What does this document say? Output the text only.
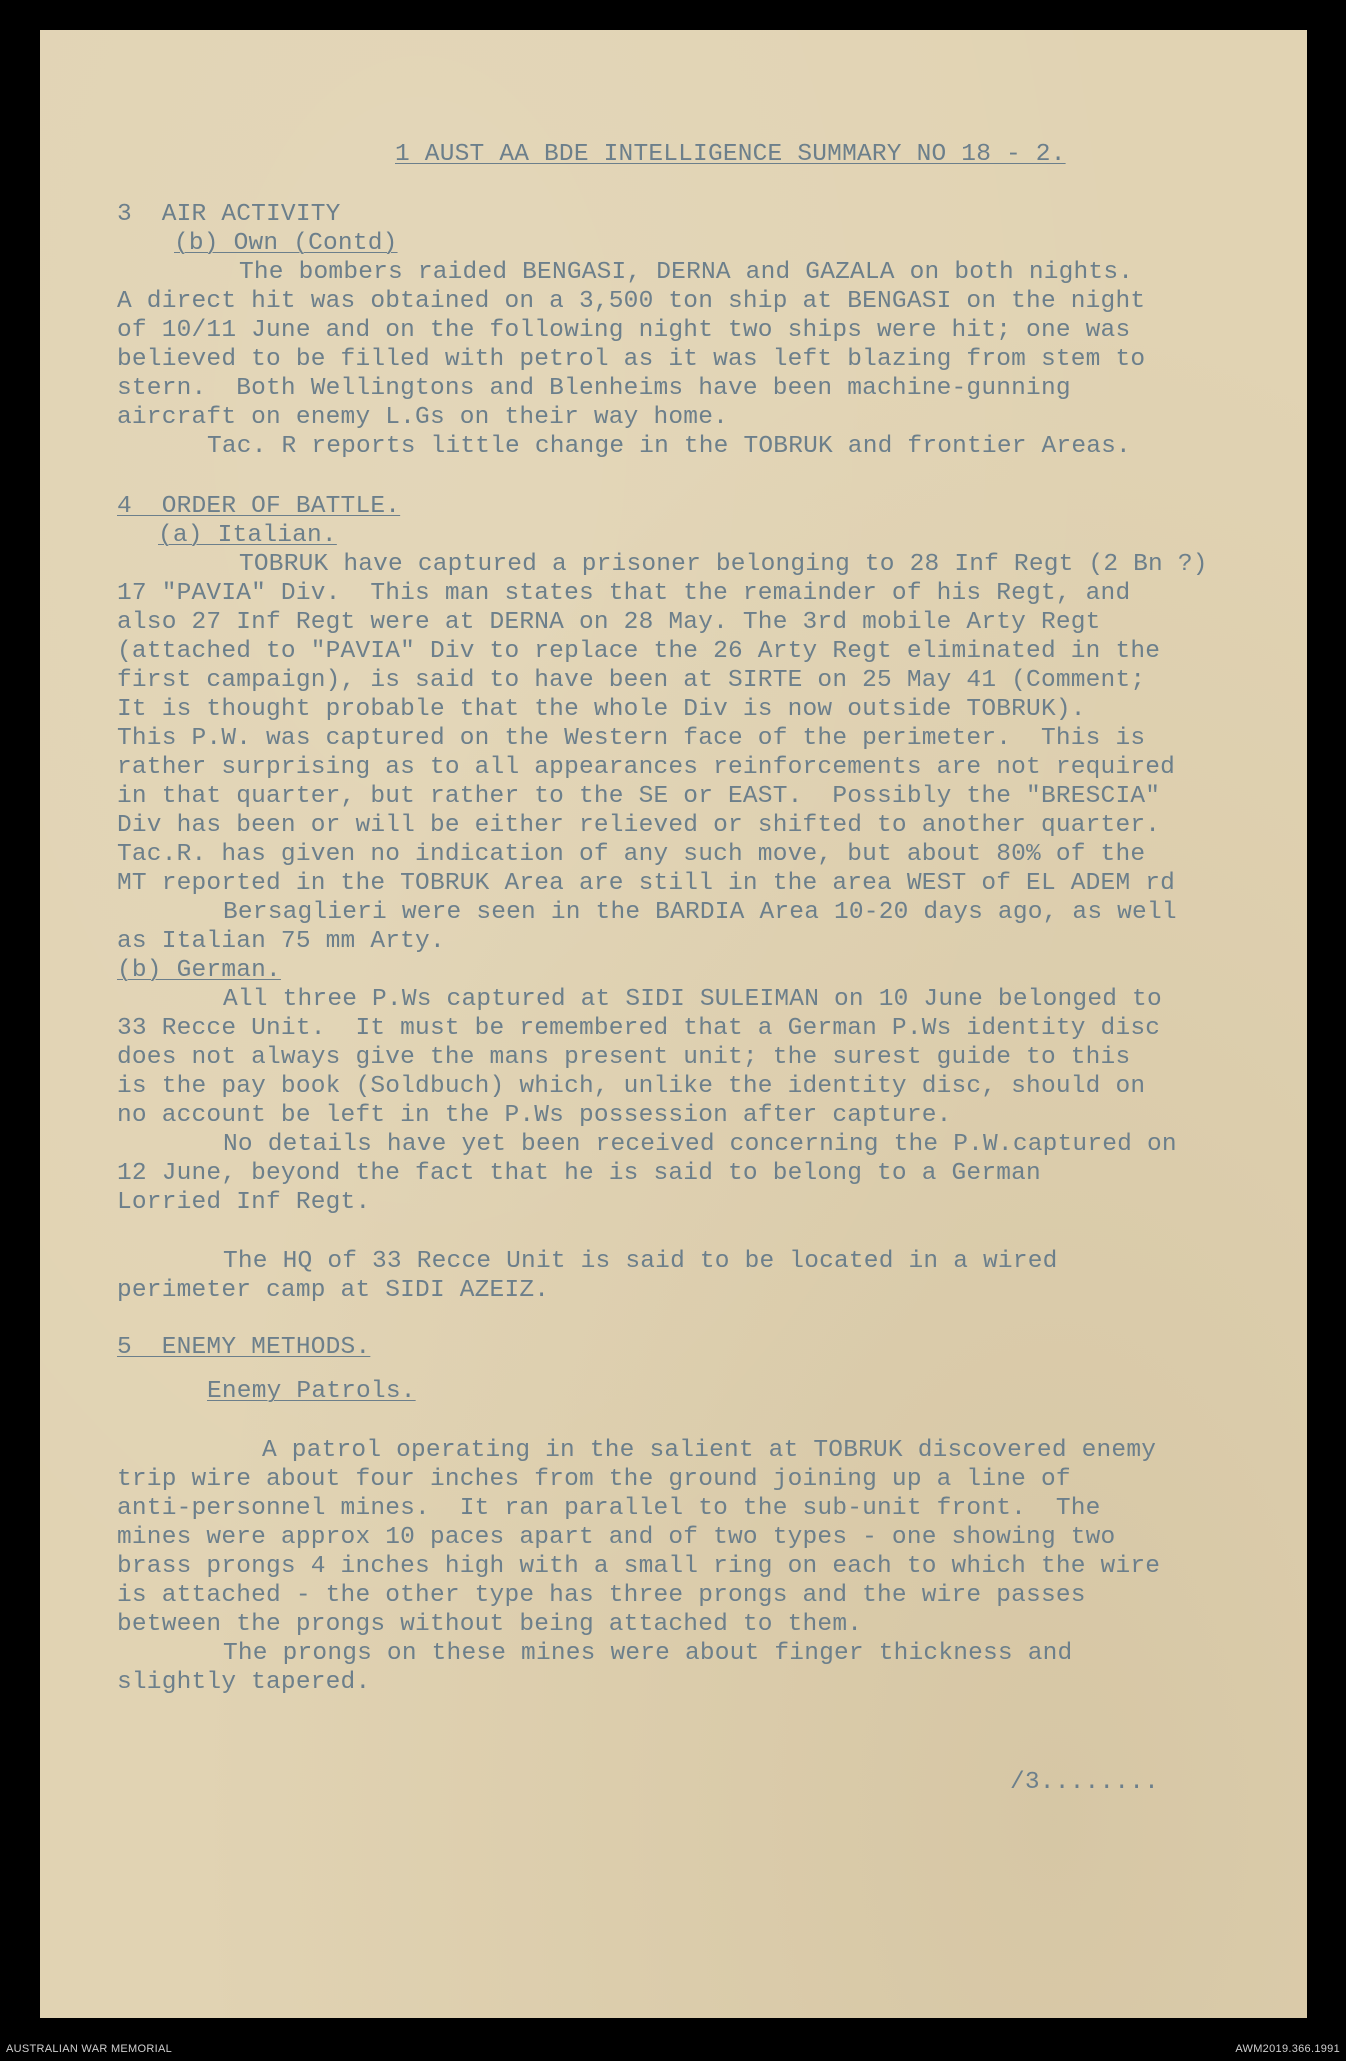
1 AUST AA BDE INTELLIGENCE SUMMARY NO 18 - 2.
3  AIR ACTIVITY
(b) Own (Contd)
The bombers raided BENGASI, DERNA and GAZALA on both nights.
A direct hit was obtained on a 3,500 ton ship at BENGASI on the night
of 10/11 June and on the following night two ships were hit; one was
believed to be filled with petrol as it was left blazing from stem to
stern.  Both Wellingtons and Blenheims have been machine-gunning
aircraft on enemy L.Gs on their way home.
Tac. R reports little change in the TOBRUK and frontier Areas.
4  ORDER OF BATTLE.
(a) Italian.
TOBRUK have captured a prisoner belonging to 28 Inf Regt (2 Bn ?)
17 "PAVIA" Div.  This man states that the remainder of his Regt, and
also 27 Inf Regt were at DERNA on 28 May. The 3rd mobile Arty Regt
(attached to "PAVIA" Div to replace the 26 Arty Regt eliminated in the
first campaign), is said to have been at SIRTE on 25 May 41 (Comment;
It is thought probable that the whole Div is now outside TOBRUK).
This P.W. was captured on the Western face of the perimeter.  This is
rather surprising as to all appearances reinforcements are not required
in that quarter, but rather to the SE or EAST.  Possibly the "BRESCIA"
Div has been or will be either relieved or shifted to another quarter.
Tac.R. has given no indication of any such move, but about 80% of the
MT reported in the TOBRUK Area are still in the area WEST of EL ADEM rd
Bersaglieri were seen in the BARDIA Area 10-20 days ago, as well
as Italian 75 mm Arty.
(b) German.
All three P.Ws captured at SIDI SULEIMAN on 10 June belonged to
33 Recce Unit.  It must be remembered that a German P.Ws identity disc
does not always give the mans present unit; the surest guide to this
is the pay book (Soldbuch) which, unlike the identity disc, should on
no account be left in the P.Ws possession after capture.
No details have yet been received concerning the P.W.captured on
12 June, beyond the fact that he is said to belong to a German
Lorried Inf Regt.
The HQ of 33 Recce Unit is said to be located in a wired
perimeter camp at SIDI AZEIZ.
5  ENEMY METHODS.
Enemy Patrols.
A patrol operating in the salient at TOBRUK discovered enemy
trip wire about four inches from the ground joining up a line of
anti-personnel mines.  It ran parallel to the sub-unit front.  The
mines were approx 10 paces apart and of two types - one showing two
brass prongs 4 inches high with a small ring on each to which the wire
is attached - the other type has three prongs and the wire passes
between the prongs without being attached to them.
The prongs on these mines were about finger thickness and
slightly tapered.
/3........
AUSTRALIAN WAR MEMORIAL	AWM2019.366.1991
